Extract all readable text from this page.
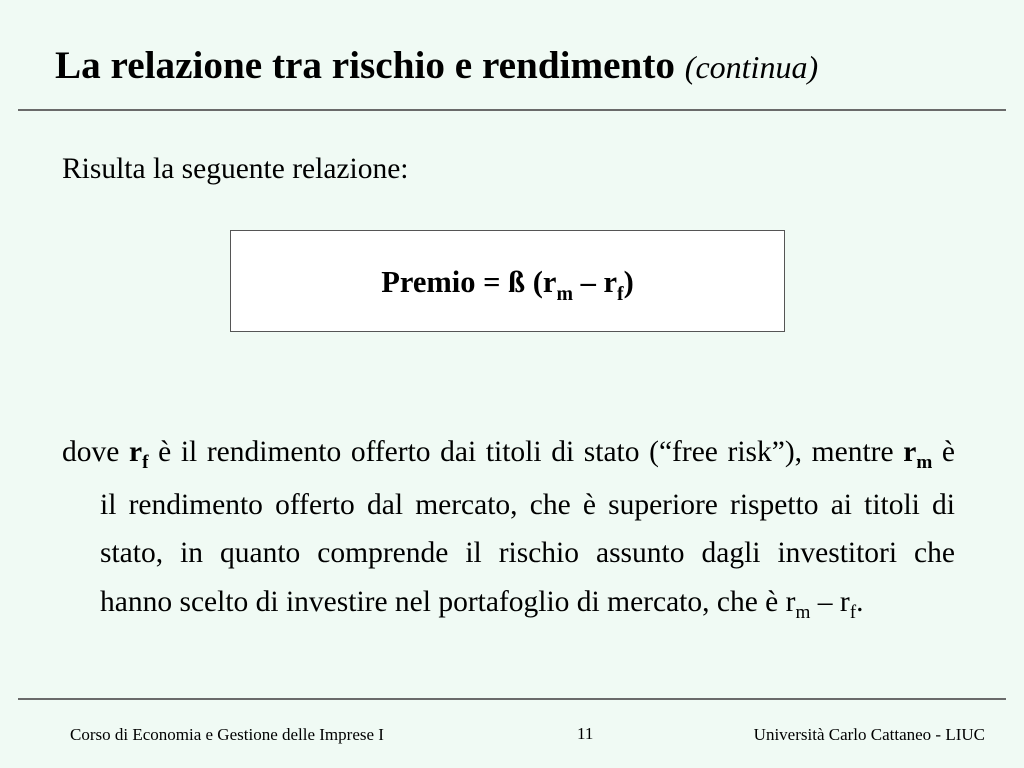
La relazione tra rischio e rendimento (continua)

Risulta la seguente relazione:

Premio = ß $(r_m - r_f)$
dove $r_f$ è il rendimento offerto dai titoli di stato (“free risk”), mentre $r_m$ è
il rendimento offerto dal mercato, che è superiore rispetto ai titoli di
stato, in quanto comprende il rischio assunto dagli investitori che
hanno scelto di investire nel portafoglio di mercato, che è $r_m - r_f$.

Corso di Economia e Gestione delle Imprese I	11	Università Carlo Cattaneo - LIUC
